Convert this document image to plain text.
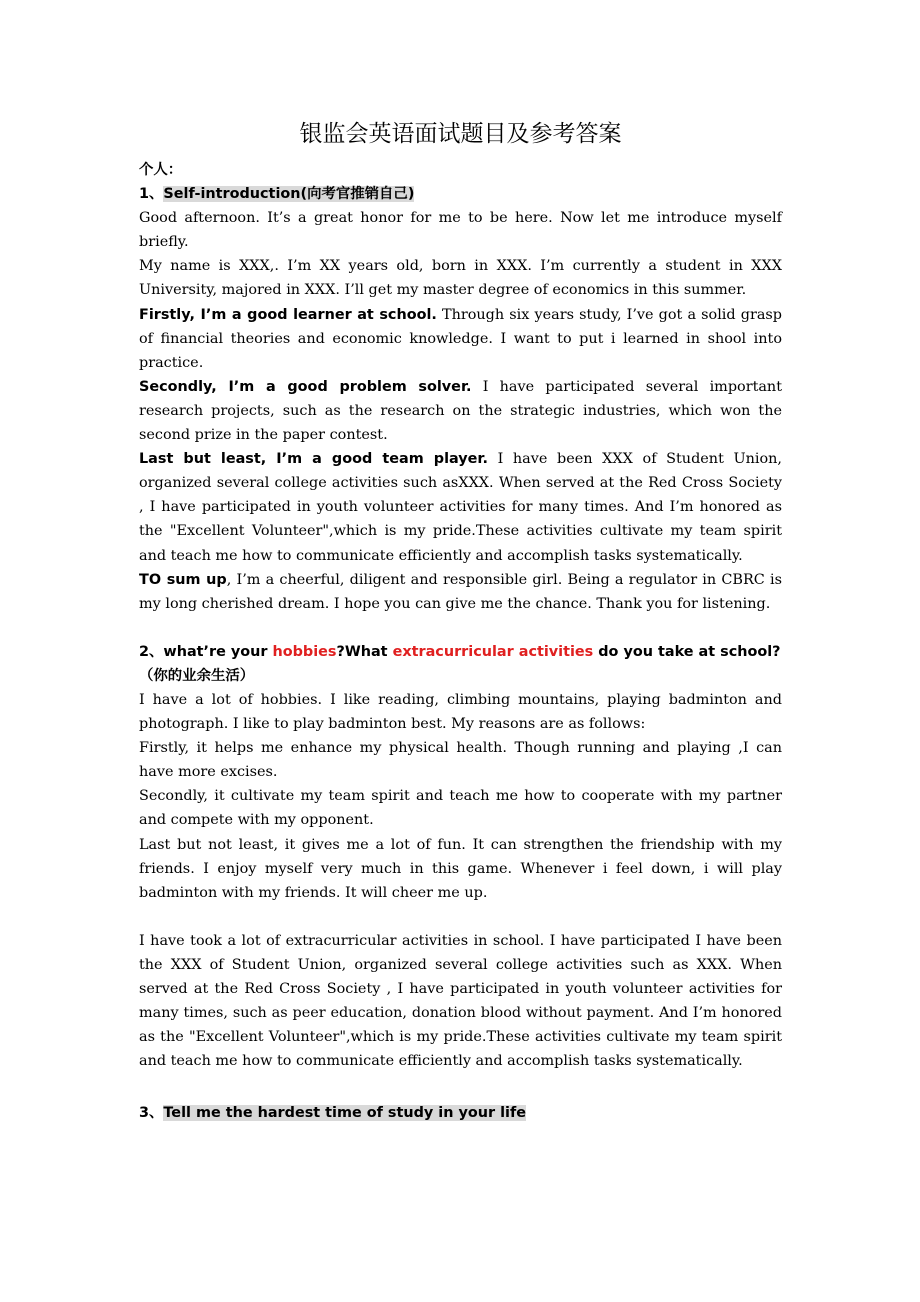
银监会英语面试题目及参考答案
个人：

1、Self-introduction(向考官推销自己)

Good afternoon. It’s a great honor for me to be here. Now let me introduce myself briefly.

My name is XXX,. I’m XX years old, born in XXX. I’m currently a student in XXX University, majored in XXX. I’ll get my master degree of economics in this summer.

Firstly, I’m a good learner at school. Through six years study, I’ve got a solid grasp of financial theories and economic knowledge. I want to put i learned in shool into practice.

Secondly, I’m a good problem solver. I have participated several important research projects, such as the research on the strategic industries, which won the second prize in the paper contest.

Last but least, I’m a good team player. I have been XXX of Student Union, organized several college activities such asXXX. When served at the Red Cross Society , I have participated in youth volunteer activities for many times. And I’m honored as the "Excellent Volunteer",which is my pride.These activities cultivate my team spirit and teach me how to communicate efficiently and accomplish tasks systematically.

TO sum up, I’m a cheerful, diligent and responsible girl. Being a regulator in CBRC is my long cherished dream. I hope you can give me the chance. Thank you for listening.

2、what’re your hobbies?What extracurricular activities do you take at school?（你的业余生活）

I have a lot of hobbies. I like reading, climbing mountains, playing badminton and photograph. I like to play badminton best. My reasons are as follows:

Firstly, it helps me enhance my physical health. Though running and playing ,I can have more excises.

Secondly, it cultivate my team spirit and teach me how to cooperate with my partner and compete with my opponent.

Last but not least, it gives me a lot of fun. It can strengthen the friendship with my friends. I enjoy myself very much in this game. Whenever i feel down, i will play badminton with my friends. It will cheer me up.

I have took a lot of extracurricular activities in school. I have participated I have been the XXX of Student Union, organized several college activities such as XXX. When served at the Red Cross Society , I have participated in youth volunteer activities for many times, such as peer education, donation blood without payment. And I’m honored as the "Excellent Volunteer",which is my pride.These activities cultivate my team spirit and teach me how to communicate efficiently and accomplish tasks systematically.

3、Tell me the hardest time of study in your life
